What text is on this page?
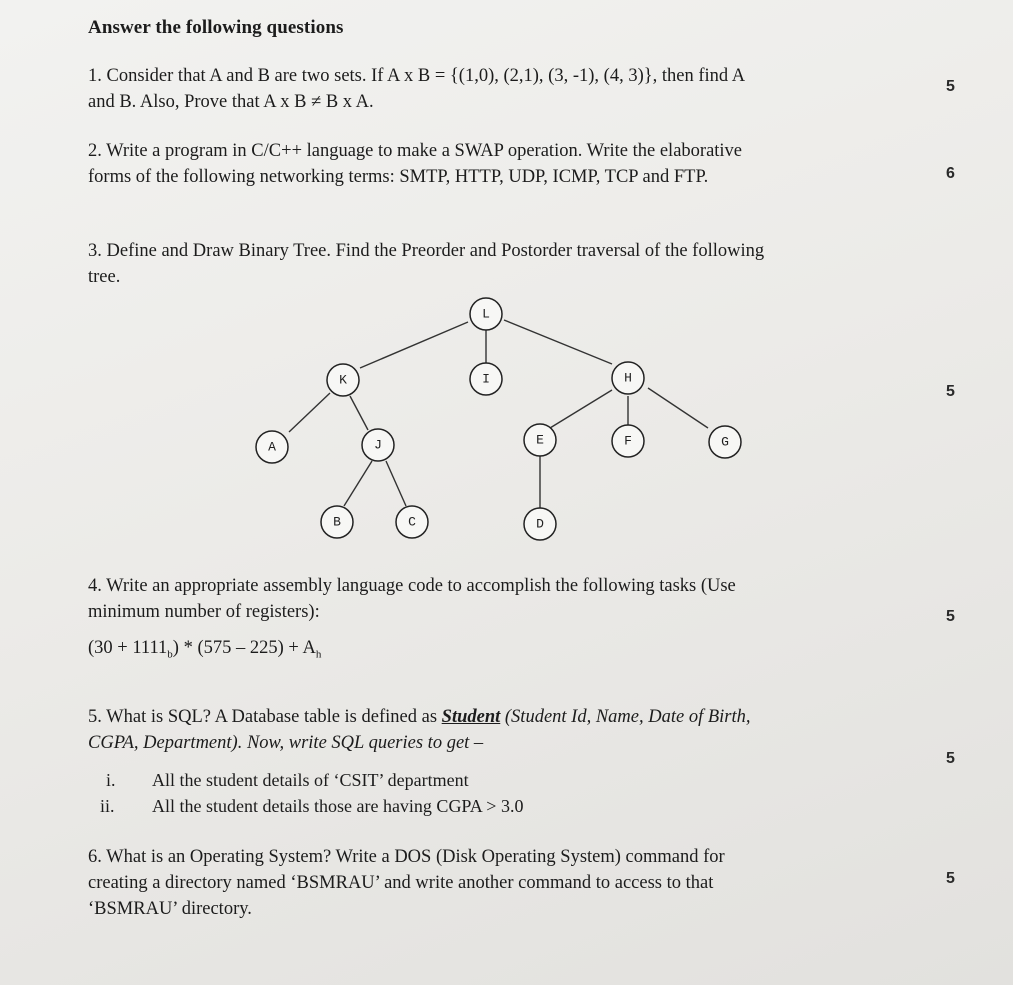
Answer the following questions
1. Consider that A and B are two sets. If A x B = {(1,0), (2,1), (3, -1), (4, 3)}, then find A
and B. Also, Prove that A x B ≠ B x A.
5
2. Write a program in C/C++ language to make a SWAP operation. Write the elaborative
forms of the following networking terms: SMTP, HTTP, UDP, ICMP, TCP and FTP.	6
3. Define and Draw Binary Tree. Find the Preorder and Postorder traversal of the following
tree.
5
L
K	I	H
A	J	E	F	G
B	C	D
4. Write an appropriate assembly language code to accomplish the following tasks (Use
minimum number of registers):
$(30 + 1111_b) * (575 - 225) + A_h$
5
5. What is SQL? A Database table is defined as Student (Student Id, Name, Date of Birth,
CGPA, Department). Now, write SQL queries to get –
i. All the student details of ‘CSIT’ department
ii. All the student details those are having CGPA > 3.0
5
6. What is an Operating System? Write a DOS (Disk Operating System) command for
creating a directory named ‘BSMRAU’ and write another command to access to that
‘BSMRAU’ directory.
5
